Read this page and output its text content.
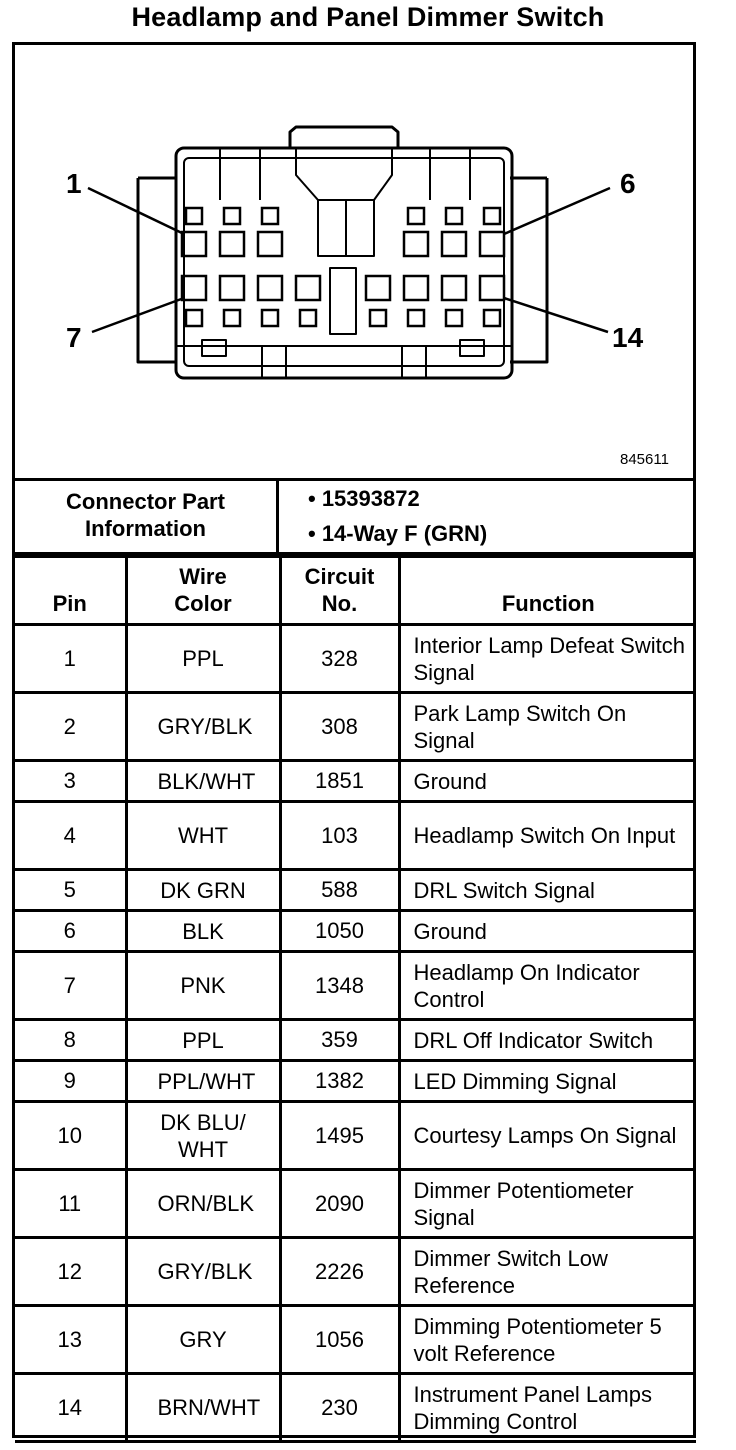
Headlamp and Panel Dimmer Switch
1	6
7	14
845611
Connector Part Information
• 15393872
• 14-Way F (GRN)
Pin	Wire Color	Circuit No.	Function
1	PPL	328	Interior Lamp Defeat Switch Signal
2	GRY/BLK	308	Park Lamp Switch On Signal
3	BLK/WHT	1851	Ground
4	WHT	103	Headlamp Switch On Input
5	DK GRN	588	DRL Switch Signal
6	BLK	1050	Ground
7	PNK	1348	Headlamp On Indicator Control
8	PPL	359	DRL Off Indicator Switch
9	PPL/WHT	1382	LED Dimming Signal
10	DK BLU/ WHT	1495	Courtesy Lamps On Signal
11	ORN/BLK	2090	Dimmer Potentiometer Signal
12	GRY/BLK	2226	Dimmer Switch Low Reference
13	GRY	1056	Dimming Potentiometer 5 volt Reference
14	BRN/WHT	230	Instrument Panel Lamps Dimming Control
